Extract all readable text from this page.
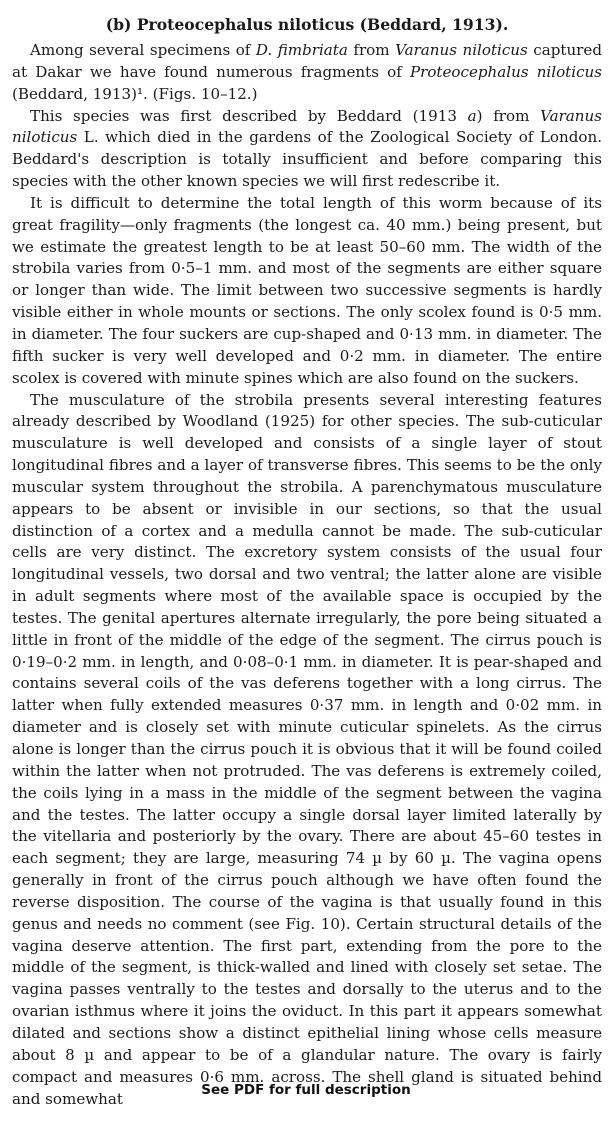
(b) Proteocephalus niloticus (Beddard, 1913).

Among several specimens of D. fimbriata from Varanus niloticus captured at Dakar we have found numerous fragments of Proteocephalus niloticus (Beddard, 1913)¹. (Figs. 10–12.)

This species was first described by Beddard (1913 a) from Varanus niloticus L. which died in the gardens of the Zoological Society of London. Beddard's description is totally insufficient and before comparing this species with the other known species we will first redescribe it.

It is difficult to determine the total length of this worm because of its great fragility—only fragments (the longest ca. 40 mm.) being present, but we estimate the greatest length to be at least 50–60 mm. The width of the strobila varies from 0·5–1 mm. and most of the segments are either square or longer than wide. The limit between two successive segments is hardly visible either in whole mounts or sections. The only scolex found is 0·5 mm. in diameter. The four suckers are cup-shaped and 0·13 mm. in diameter. The fifth sucker is very well developed and 0·2 mm. in diameter. The entire scolex is covered with minute spines which are also found on the suckers.

The musculature of the strobila presents several interesting features already described by Woodland (1925) for other species. The sub-cuticular musculature is well developed and consists of a single layer of stout longitudinal fibres and a layer of transverse fibres. This seems to be the only muscular system throughout the strobila. A parenchymatous musculature appears to be absent or invisible in our sections, so that the usual distinction of a cortex and a medulla cannot be made. The sub-cuticular cells are very distinct. The excretory system consists of the usual four longitudinal vessels, two dorsal and two ventral; the latter alone are visible in adult segments where most of the available space is occupied by the testes. The genital apertures alternate irregularly, the pore being situated a little in front of the middle of the edge of the segment. The cirrus pouch is 0·19–0·2 mm. in length, and 0·08–0·1 mm. in diameter. It is pear-shaped and contains several coils of the vas deferens together with a long cirrus. The latter when fully extended measures 0·37 mm. in length and 0·02 mm. in diameter and is closely set with minute cuticular spinelets. As the cirrus alone is longer than the cirrus pouch it is obvious that it will be found coiled within the latter when not protruded. The vas deferens is extremely coiled, the coils lying in a mass in the middle of the segment between the vagina and the testes. The latter occupy a single dorsal layer limited laterally by the vitellaria and posteriorly by the ovary. There are about 45–60 testes in each segment; they are large, measuring 74 µ by 60 µ. The vagina opens generally in front of the cirrus pouch although we have often found the reverse disposition. The course of the vagina is that usually found in this genus and needs no comment (see Fig. 10). Certain structural details of the vagina deserve attention. The first part, extending from the pore to the middle of the segment, is thick-walled and lined with closely set setae. The vagina passes ventrally to the testes and dorsally to the uterus and to the ovarian isthmus where it joins the oviduct. In this part it appears somewhat dilated and sections show a distinct epithelial lining whose cells measure about 8 µ and appear to be of a glandular nature. The ovary is fairly compact and measures 0·6 mm. across. The shell gland is situated behind and somewhat	See PDF for full description
